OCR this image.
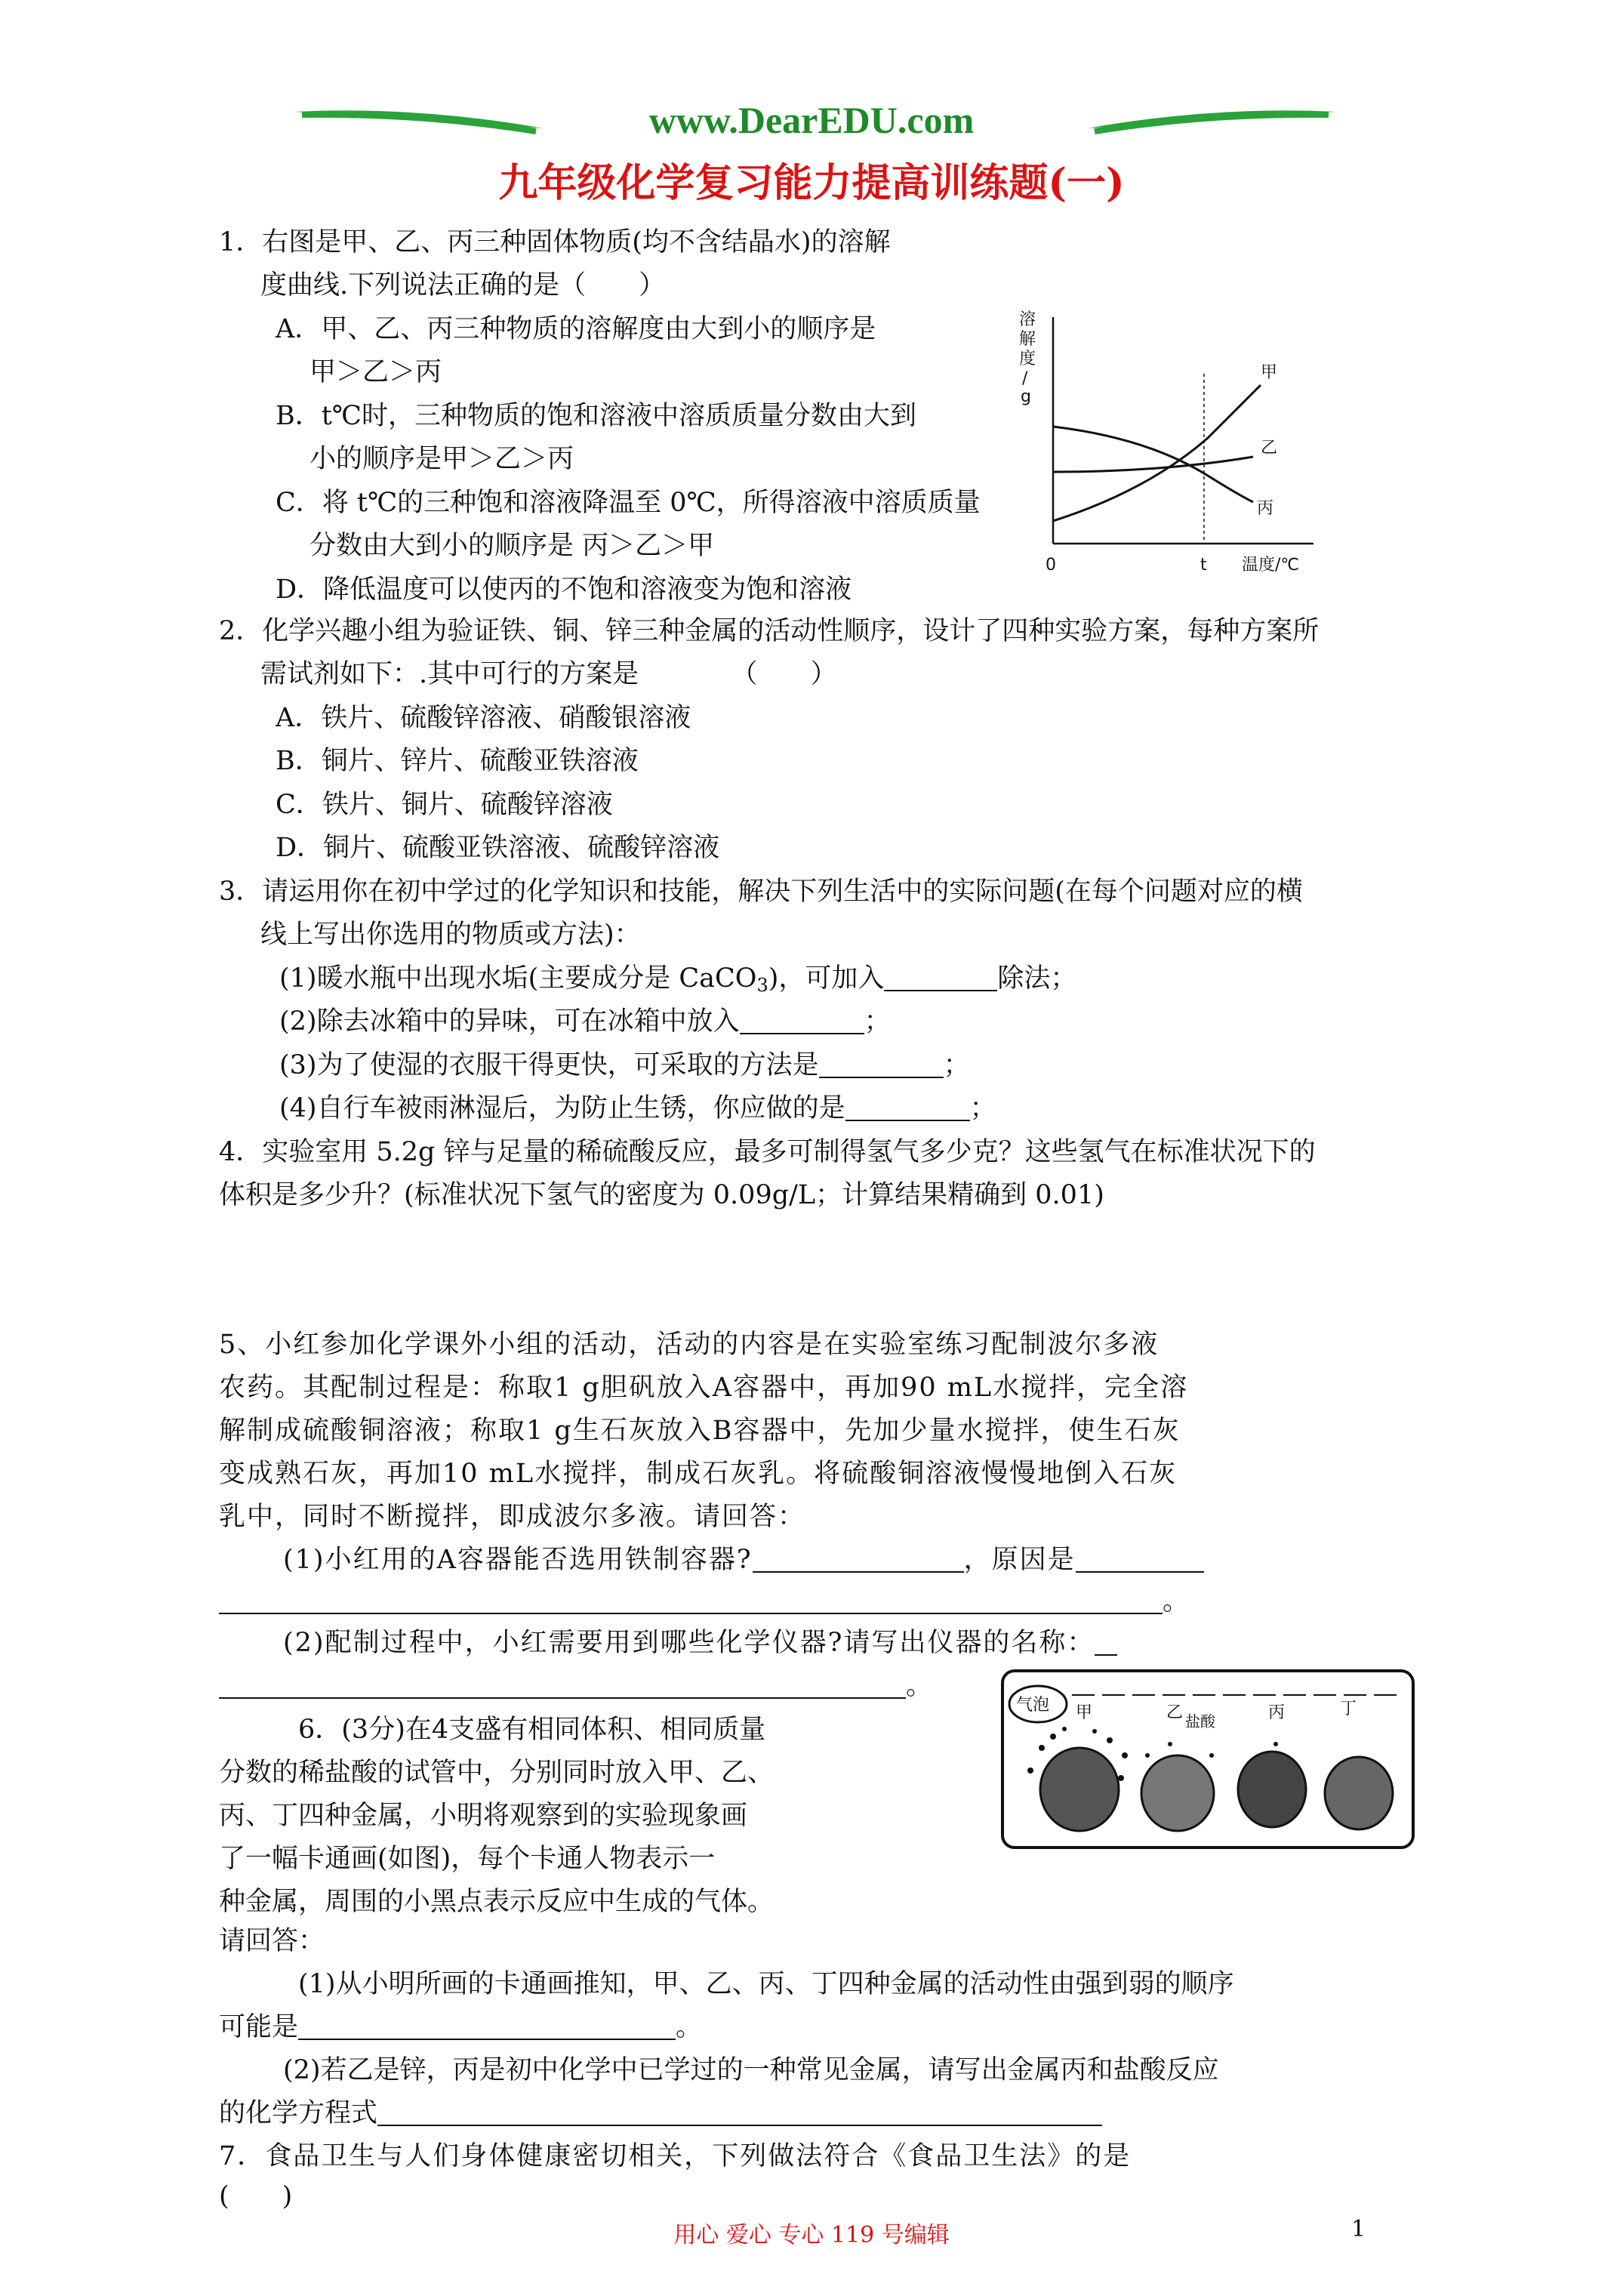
www.DearEDU.com
九年级化学复习能力提高训练题(一)
1．右图是甲、乙、丙三种固体物质(均不含结晶水)的溶解
度曲线.下列说法正确的是（　　）
A．甲、乙、丙三种物质的溶解度由大到小的顺序是
甲＞乙＞丙
B．t℃时，三种物质的饱和溶液中溶质质量分数由大到
小的顺序是甲＞乙＞丙
C．将 t℃的三种饱和溶液降温至 0℃，所得溶液中溶质质量
分数由大到小的顺序是 丙＞乙＞甲
D．降低温度可以使丙的不饱和溶液变为饱和溶液
溶
解
度
/
g
甲
乙
丙
0	t 温度/℃
2．化学兴趣小组为验证铁、铜、锌三种金属的活动性顺序，设计了四种实验方案，每种方案所
需试剂如下：.其中可行的方案是　　　　（　　）
A．铁片、硫酸锌溶液、硝酸银溶液
B．铜片、锌片、硫酸亚铁溶液
C．铁片、铜片、硫酸锌溶液
D．铜片、硫酸亚铁溶液、硫酸锌溶液
3．请运用你在初中学过的化学知识和技能，解决下列生活中的实际问题(在每个问题对应的横
线上写出你选用的物质或方法)：
(1)暖水瓶中出现水垢(主要成分是 CaCO$_3$)，可加入	除法；
(2)除去冰箱中的异味，可在冰箱中放入	；
(3)为了使湿的衣服干得更快，可采取的方法是	；
(4)自行车被雨淋湿后，为防止生锈，你应做的是	；
4．实验室用 5.2g 锌与足量的稀硫酸反应，最多可制得氢气多少克？这些氢气在标准状况下的
体积是多少升？(标准状况下氢气的密度为 0.09g/L；计算结果精确到 0.01)
5、小红参加化学课外小组的活动，活动的内容是在实验室练习配制波尔多液
农药。其配制过程是：称取1 g胆矾放入A容器中，再加90 mL水搅拌，完全溶
解制成硫酸铜溶液；称取1 g生石灰放入B容器中，先加少量水搅拌，使生石灰
变成熟石灰，再加10 mL水搅拌，制成石灰乳。将硫酸铜溶液慢慢地倒入石灰
乳中，同时不断搅拌，即成波尔多液。请回答：
(1)小红用的A容器能否选用铁制容器?	，原因是
。
(2)配制过程中，小红需要用到哪些化学仪器?请写出仪器的名称：
。
6．(3分)在4支盛有相同体积、相同质量
分数的稀盐酸的试管中，分别同时放入甲、乙、
丙、丁四种金属，小明将观察到的实验现象画
了一幅卡通画(如图)，每个卡通人物表示一
种金属，周围的小黑点表示反应中生成的气体。
请回答：
气泡 甲	乙 盐酸	丙	丁
(1)从小明所画的卡通画推知，甲、乙、丙、丁四种金属的活动性由强到弱的顺序
可能是	。
(2)若乙是锌，丙是初中化学中已学过的一种常见金属，请写出金属丙和盐酸反应
的化学方程式
7．食品卫生与人们身体健康密切相关，下列做法符合《食品卫生法》的是
(　　)
用心 爱心 专心 119 号编辑	1
